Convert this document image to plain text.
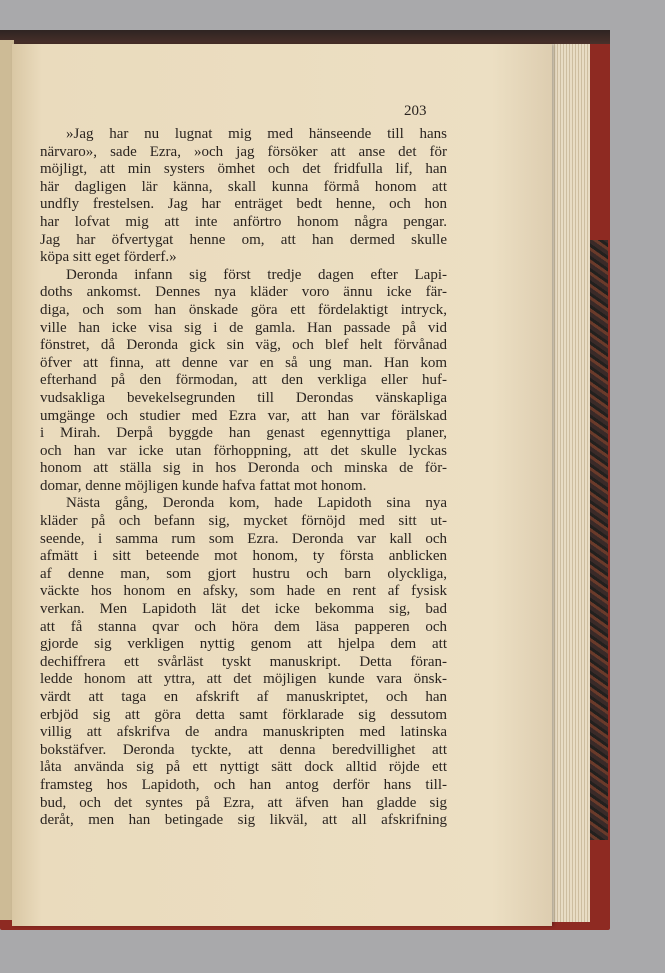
203
»Jag har nu lugnat mig med hänseende till hans
närvaro», sade Ezra, »och jag försöker att anse det för
möjligt, att min systers ömhet och det fridfulla lif, han
här dagligen lär känna, skall kunna förmå honom att
undfly frestelsen. Jag har enträget bedt henne, och hon
har lofvat mig att inte anförtro honom några pengar.
Jag har öfvertygat henne om, att han dermed skulle
köpa sitt eget förderf.»
Deronda infann sig först tredje dagen efter Lapi-
doths ankomst. Dennes nya kläder voro ännu icke fär-
diga, och som han önskade göra ett fördelaktigt intryck,
ville han icke visa sig i de gamla. Han passade på vid
fönstret, då Deronda gick sin väg, och blef helt förvånad
öfver att finna, att denne var en så ung man. Han kom
efterhand på den förmodan, att den verkliga eller huf-
vudsakliga bevekelsegrunden till Derondas vänskapliga
umgänge och studier med Ezra var, att han var förälskad
i Mirah. Derpå byggde han genast egennyttiga planer,
och han var icke utan förhoppning, att det skulle lyckas
honom att ställa sig in hos Deronda och minska de för-
domar, denne möjligen kunde hafva fattat mot honom.
Nästa gång, Deronda kom, hade Lapidoth sina nya
kläder på och befann sig, mycket förnöjd med sitt ut-
seende, i samma rum som Ezra. Deronda var kall och
afmätt i sitt beteende mot honom, ty första anblicken
af denne man, som gjort hustru och barn olyckliga,
väckte hos honom en afsky, som hade en rent af fysisk
verkan. Men Lapidoth lät det icke bekomma sig, bad
att få stanna qvar och höra dem läsa papperen och
gjorde sig verkligen nyttig genom att hjelpa dem att
dechiffrera ett svårläst tyskt manuskript. Detta föran-
ledde honom att yttra, att det möjligen kunde vara önsk-
värdt att taga en afskrift af manuskriptet, och han
erbjöd sig att göra detta samt förklarade sig dessutom
villig att afskrifva de andra manuskripten med latinska
bokstäfver. Deronda tyckte, att denna beredvillighet att
låta använda sig på ett nyttigt sätt dock alltid röjde ett
framsteg hos Lapidoth, och han antog derför hans till-
bud, och det syntes på Ezra, att äfven han gladde sig
deråt, men han betingade sig likväl, att all afskrifning
